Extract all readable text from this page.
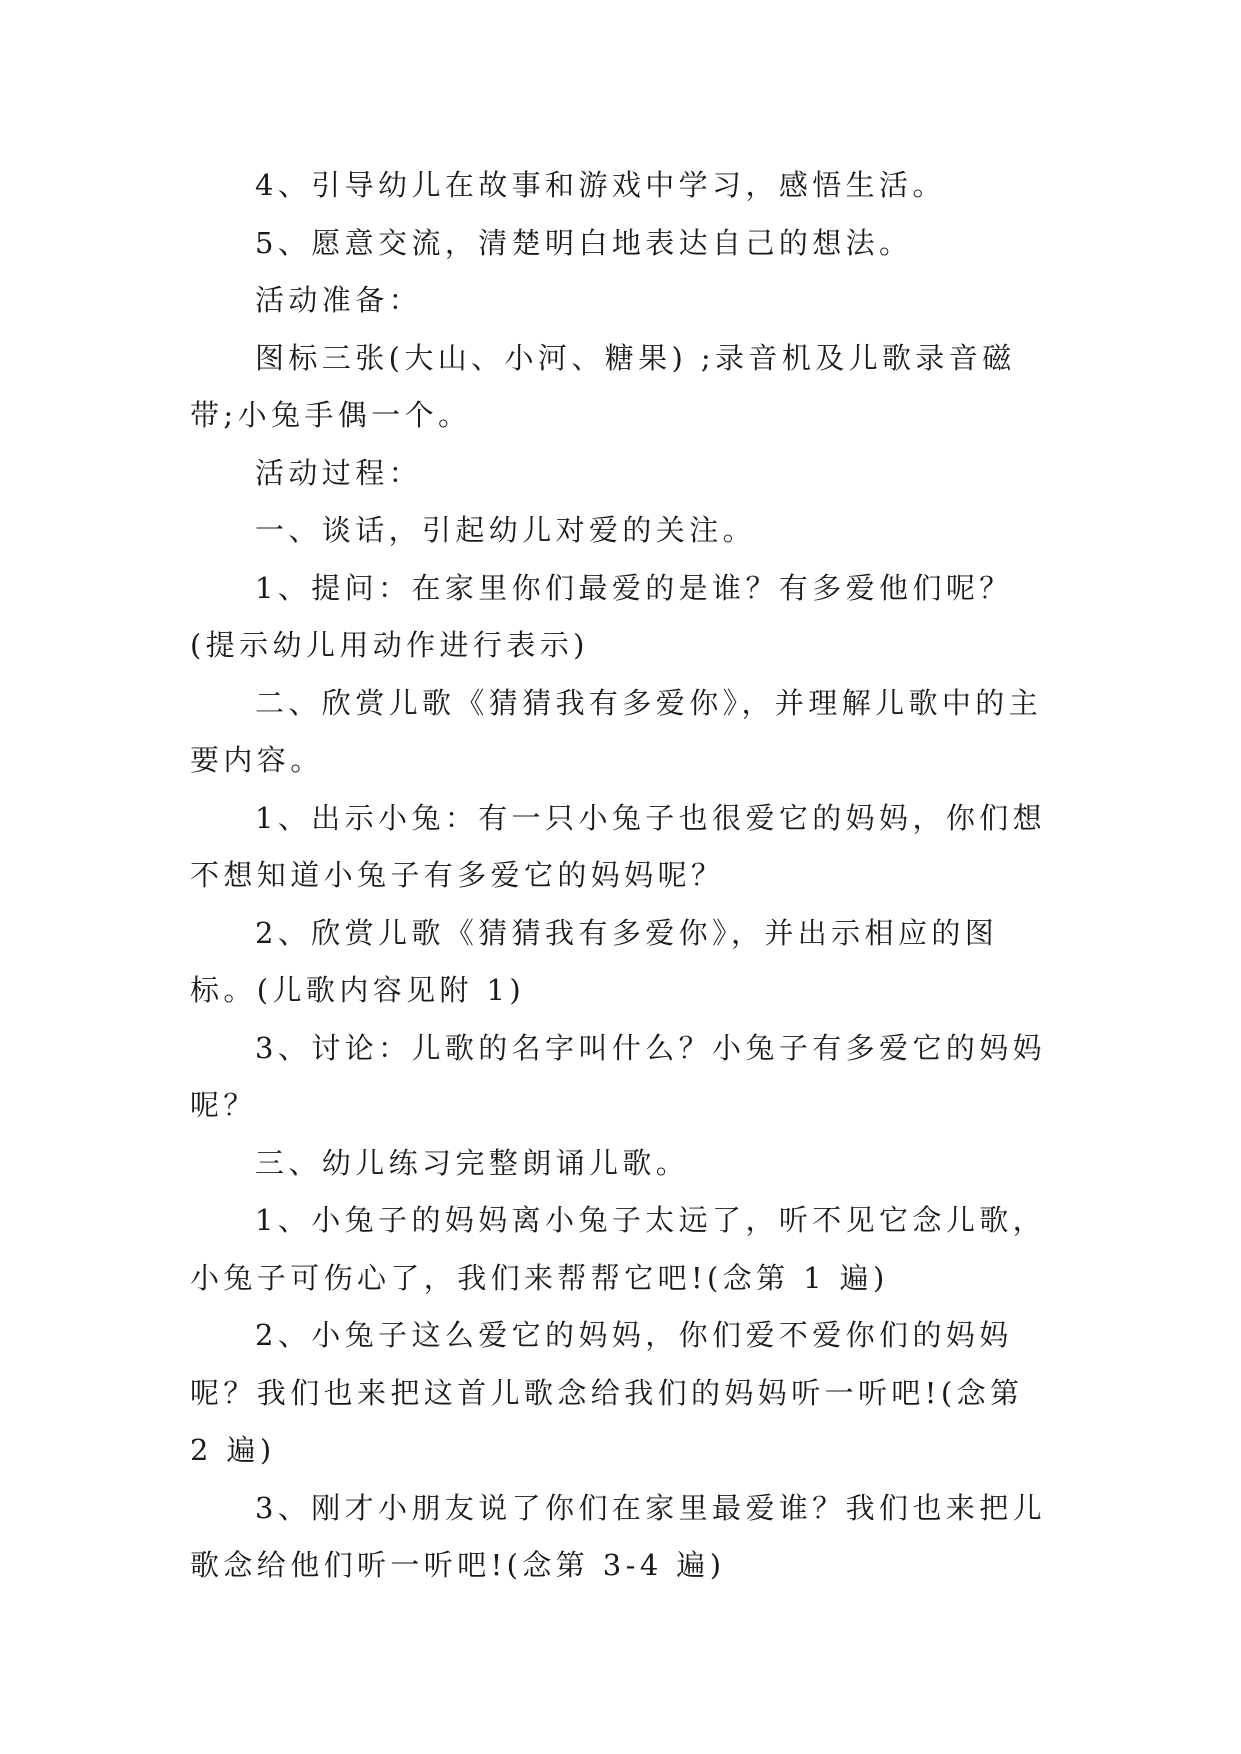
4、引导幼儿在故事和游戏中学习，感悟生活。

5、愿意交流，清楚明白地表达自己的想法。

活动准备：

图标三张(大山、小河、糖果) ;录音机及儿歌录音磁带;小兔手偶一个。

活动过程：

一、谈话，引起幼儿对爱的关注。

1、提问：在家里你们最爱的是谁？有多爱他们呢？(提示幼儿用动作进行表示)

二、欣赏儿歌《猜猜我有多爱你》，并理解儿歌中的主要内容。

1、出示小兔：有一只小兔子也很爱它的妈妈，你们想不想知道小兔子有多爱它的妈妈呢？

2、欣赏儿歌《猜猜我有多爱你》，并出示相应的图标。(儿歌内容见附 1)

3、讨论：儿歌的名字叫什么？小兔子有多爱它的妈妈呢？

三、幼儿练习完整朗诵儿歌。

1、小兔子的妈妈离小兔子太远了，听不见它念儿歌，小兔子可伤心了，我们来帮帮它吧!(念第 1 遍)

2、小兔子这么爱它的妈妈，你们爱不爱你们的妈妈呢？我们也来把这首儿歌念给我们的妈妈听一听吧!(念第 2 遍)

3、刚才小朋友说了你们在家里最爱谁？我们也来把儿歌念给他们听一听吧!(念第 3-4 遍)
